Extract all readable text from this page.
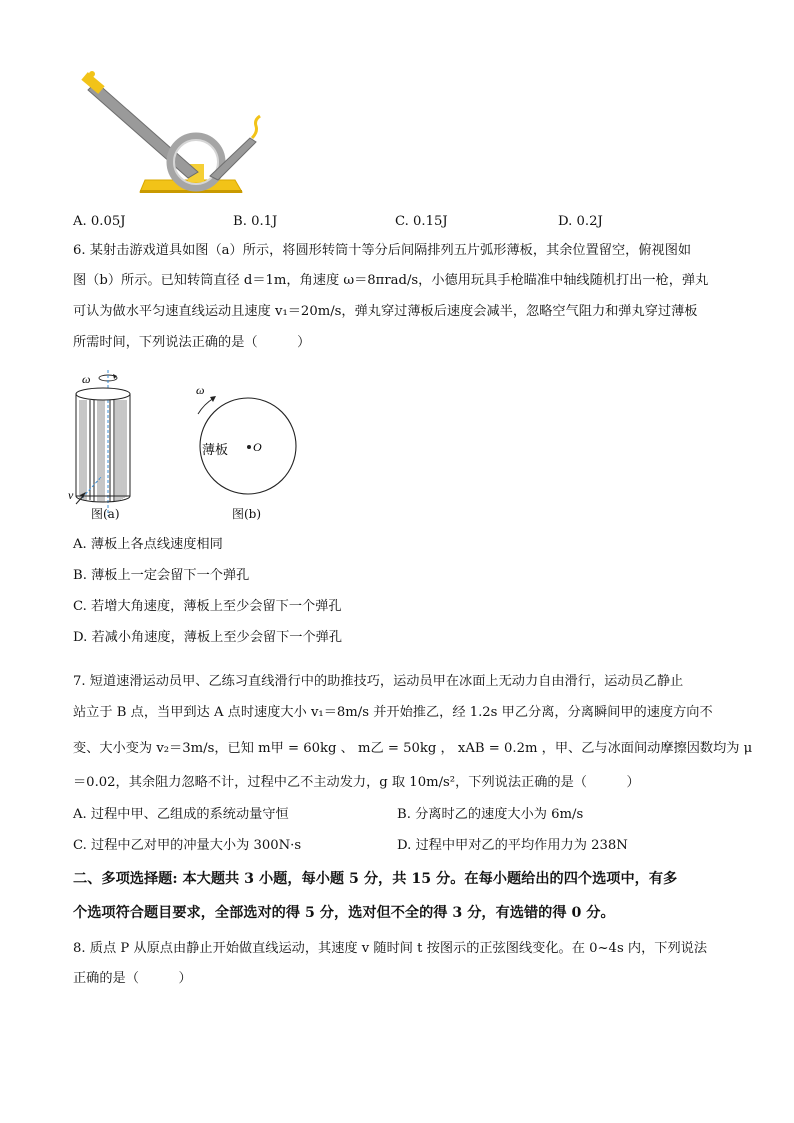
A. 0.05J	B. 0.1J	C. 0.15J	D. 0.2J
6. 某射击游戏道具如图（a）所示，将圆形转筒十等分后间隔排列五片弧形薄板，其余位置留空，俯视图如
图（b）所示。已知转筒直径 d＝1m，角速度 ω＝8πrad/s，小德用玩具手枪瞄准中轴线随机打出一枪，弹丸
可认为做水平匀速直线运动且速度 v₁＝20m/s，弹丸穿过薄板后速度会减半，忽略空气阻力和弹丸穿过薄板
所需时间，下列说法正确的是（　　　）
v
ω
图(a)
ω
O
薄板
图(b)
A. 薄板上各点线速度相同
B. 薄板上一定会留下一个弹孔
C. 若增大角速度，薄板上至少会留下一个弹孔
D. 若减小角速度，薄板上至少会留下一个弹孔
7. 短道速滑运动员甲、乙练习直线滑行中的助推技巧，运动员甲在冰面上无动力自由滑行，运动员乙静止
站立于 B 点，当甲到达 A 点时速度大小 v₁＝8m/s 并开始推乙，经 1.2s 甲乙分离，分离瞬间甲的速度方向不
变、大小变为 v₂＝3m/s，已知 m甲 = 60kg 、 m乙 = 50kg ， xAB = 0.2m ，甲、乙与冰面间动摩擦因数均为 μ
＝0.02，其余阻力忽略不计，过程中乙不主动发力，g 取 10m/s²，下列说法正确的是（　　　）
A. 过程中甲、乙组成的系统动量守恒	B. 分离时乙的速度大小为 6m/s
C. 过程中乙对甲的冲量大小为 300N·s	D. 过程中甲对乙的平均作用力为 238N
二、多项选择题: 本大题共 3 小题，每小题 5 分，共 15 分。在每小题给出的四个选项中，有多
个选项符合题目要求，全部选对的得 5 分，选对但不全的得 3 分，有选错的得 0 分。
8. 质点 P 从原点由静止开始做直线运动，其速度 v 随时间 t 按图示的正弦图线变化。在 0~4s 内，下列说法
正确的是（　　　）
